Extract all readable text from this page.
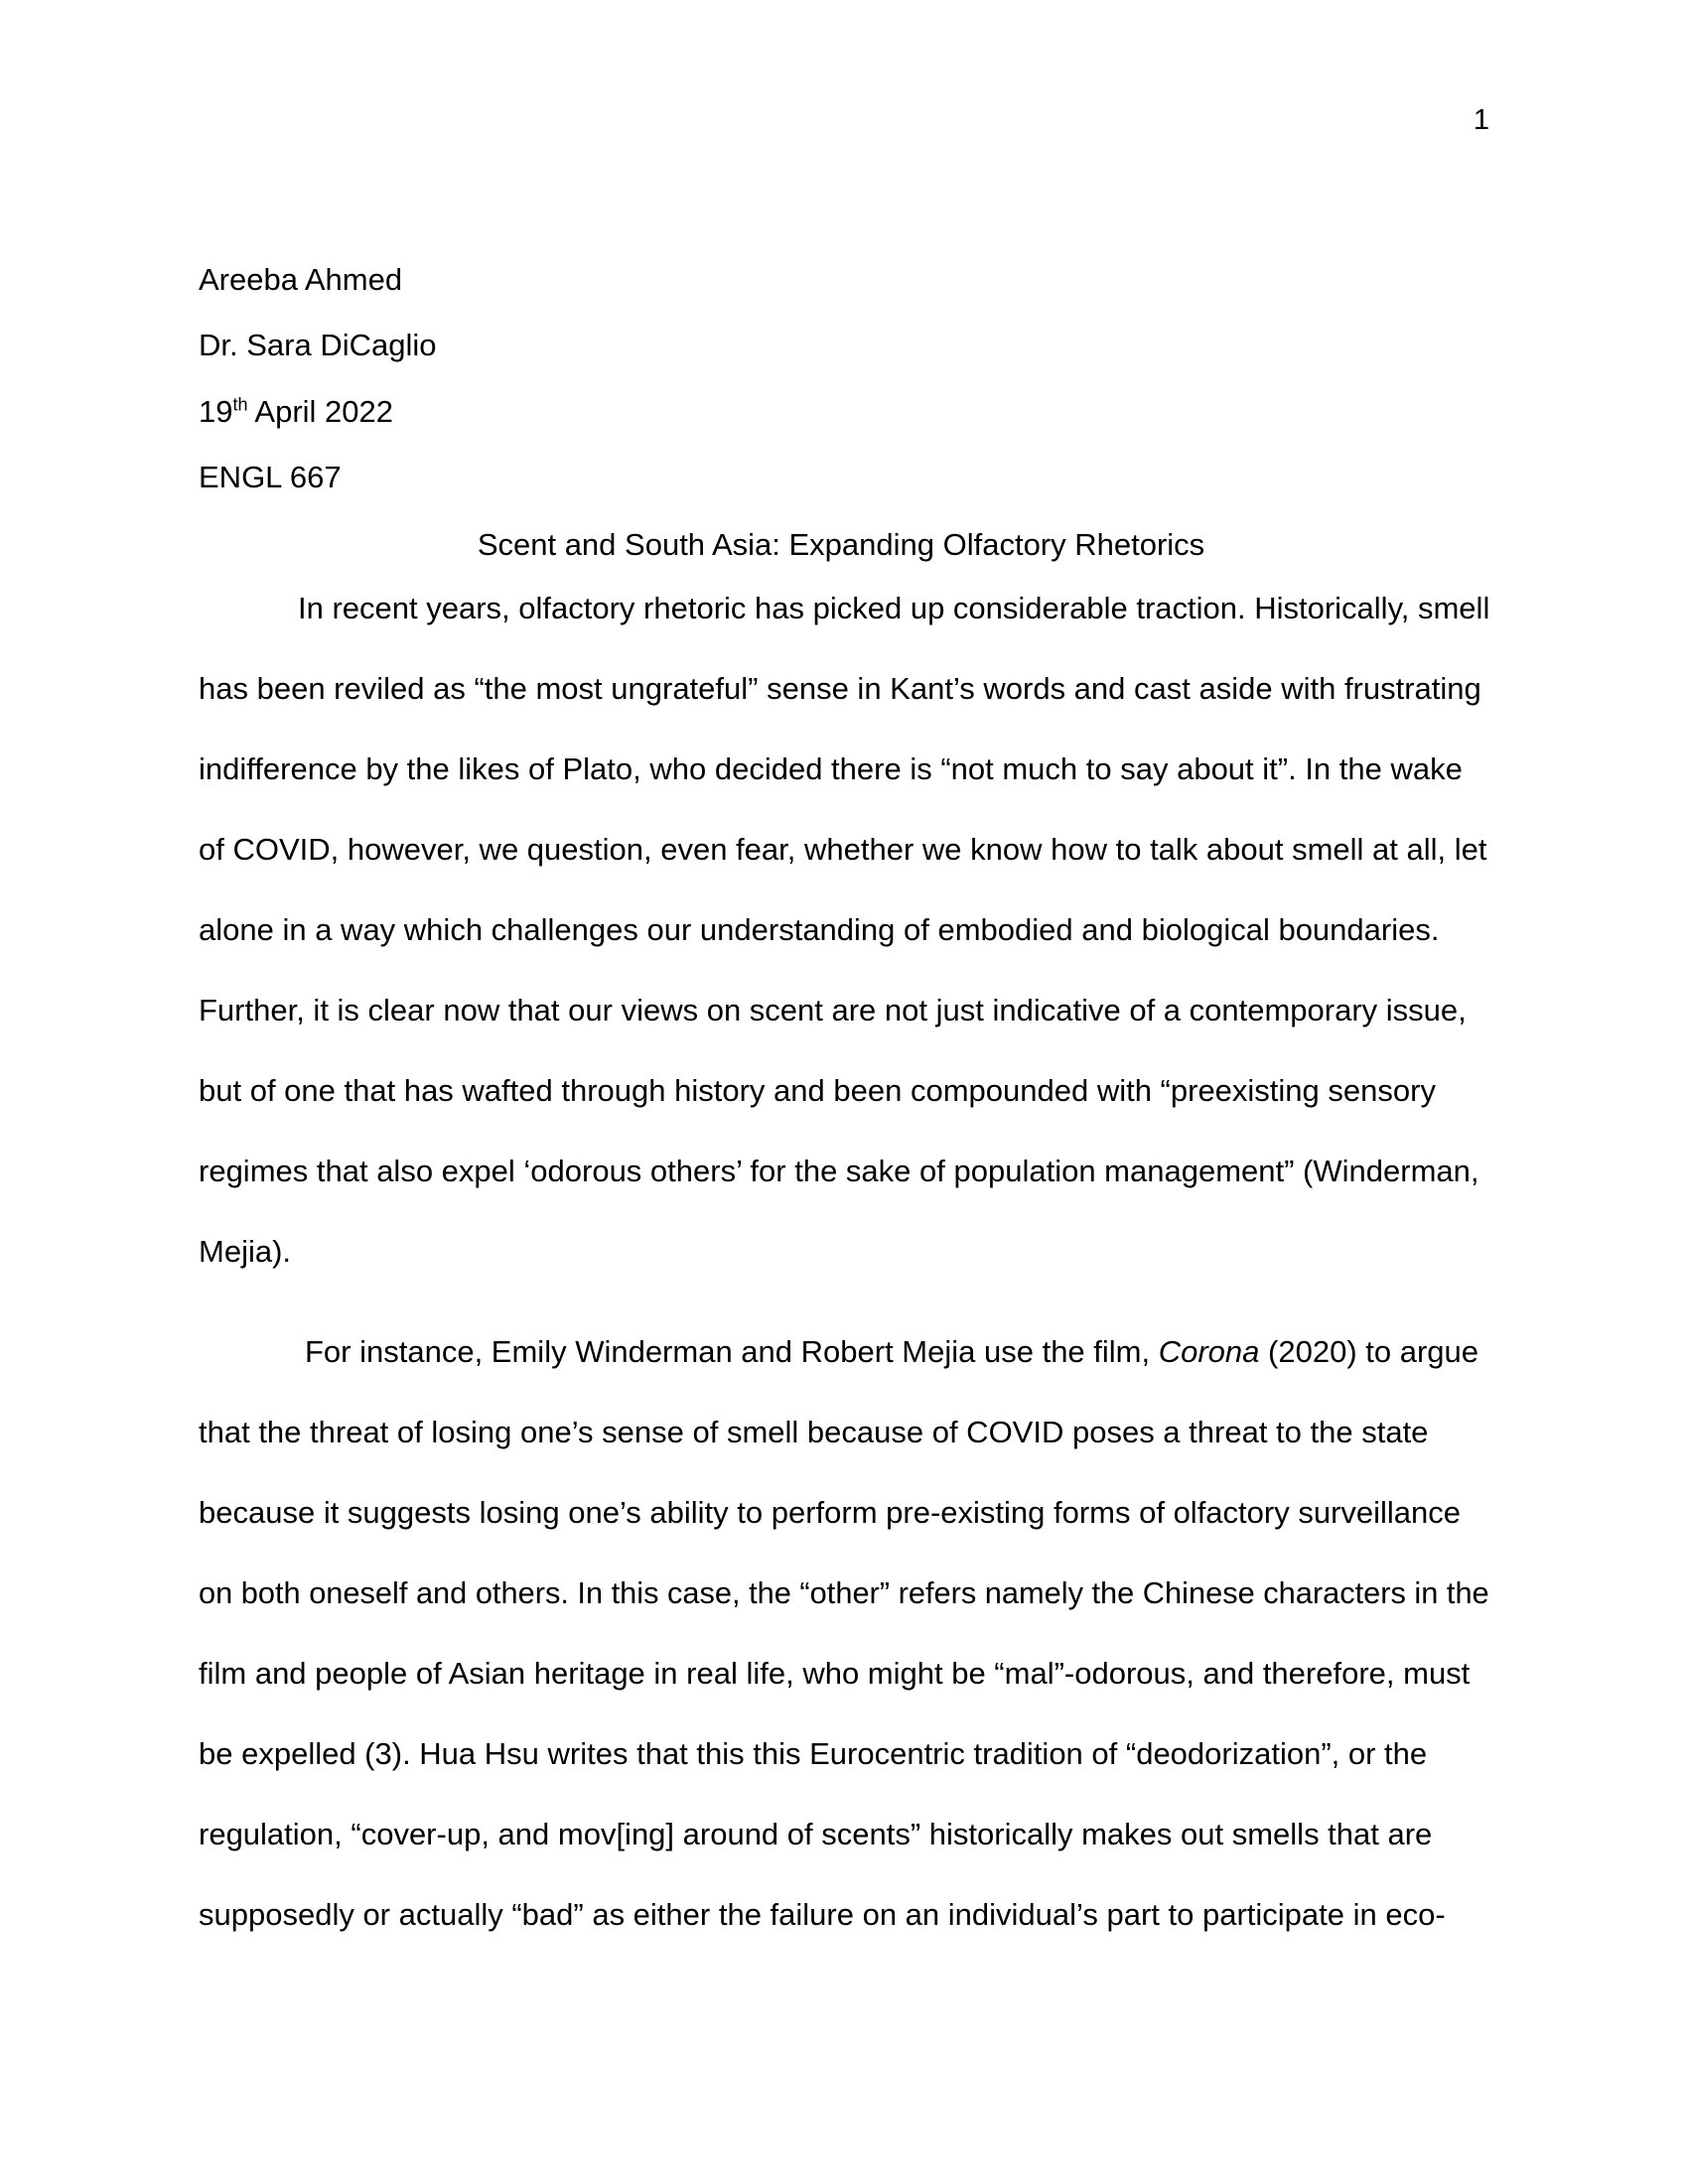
1
Areeba Ahmed
Dr. Sara DiCaglio
19th April 2022
ENGL 667
Scent and South Asia: Expanding Olfactory Rhetorics
In recent years, olfactory rhetoric has picked up considerable traction. Historically, smell
has been reviled as “the most ungrateful” sense in Kant’s words and cast aside with frustrating
indifference by the likes of Plato, who decided there is “not much to say about it”. In the wake
of COVID, however, we question, even fear, whether we know how to talk about smell at all, let
alone in a way which challenges our understanding of embodied and biological boundaries.
Further, it is clear now that our views on scent are not just indicative of a contemporary issue,
but of one that has wafted through history and been compounded with “preexisting sensory
regimes that also expel ‘odorous others’ for the sake of population management” (Winderman,
Mejia).
For instance, Emily Winderman and Robert Mejia use the film, Corona (2020) to argue
that the threat of losing one’s sense of smell because of COVID poses a threat to the state
because it suggests losing one’s ability to perform pre-existing forms of olfactory surveillance
on both oneself and others. In this case, the “other” refers namely the Chinese characters in the
film and people of Asian heritage in real life, who might be “mal”-odorous, and therefore, must
be expelled (3). Hua Hsu writes that this this Eurocentric tradition of “deodorization”, or the
regulation, “cover-up, and mov[ing] around of scents” historically makes out smells that are
supposedly or actually “bad” as either the failure on an individual’s part to participate in eco-
